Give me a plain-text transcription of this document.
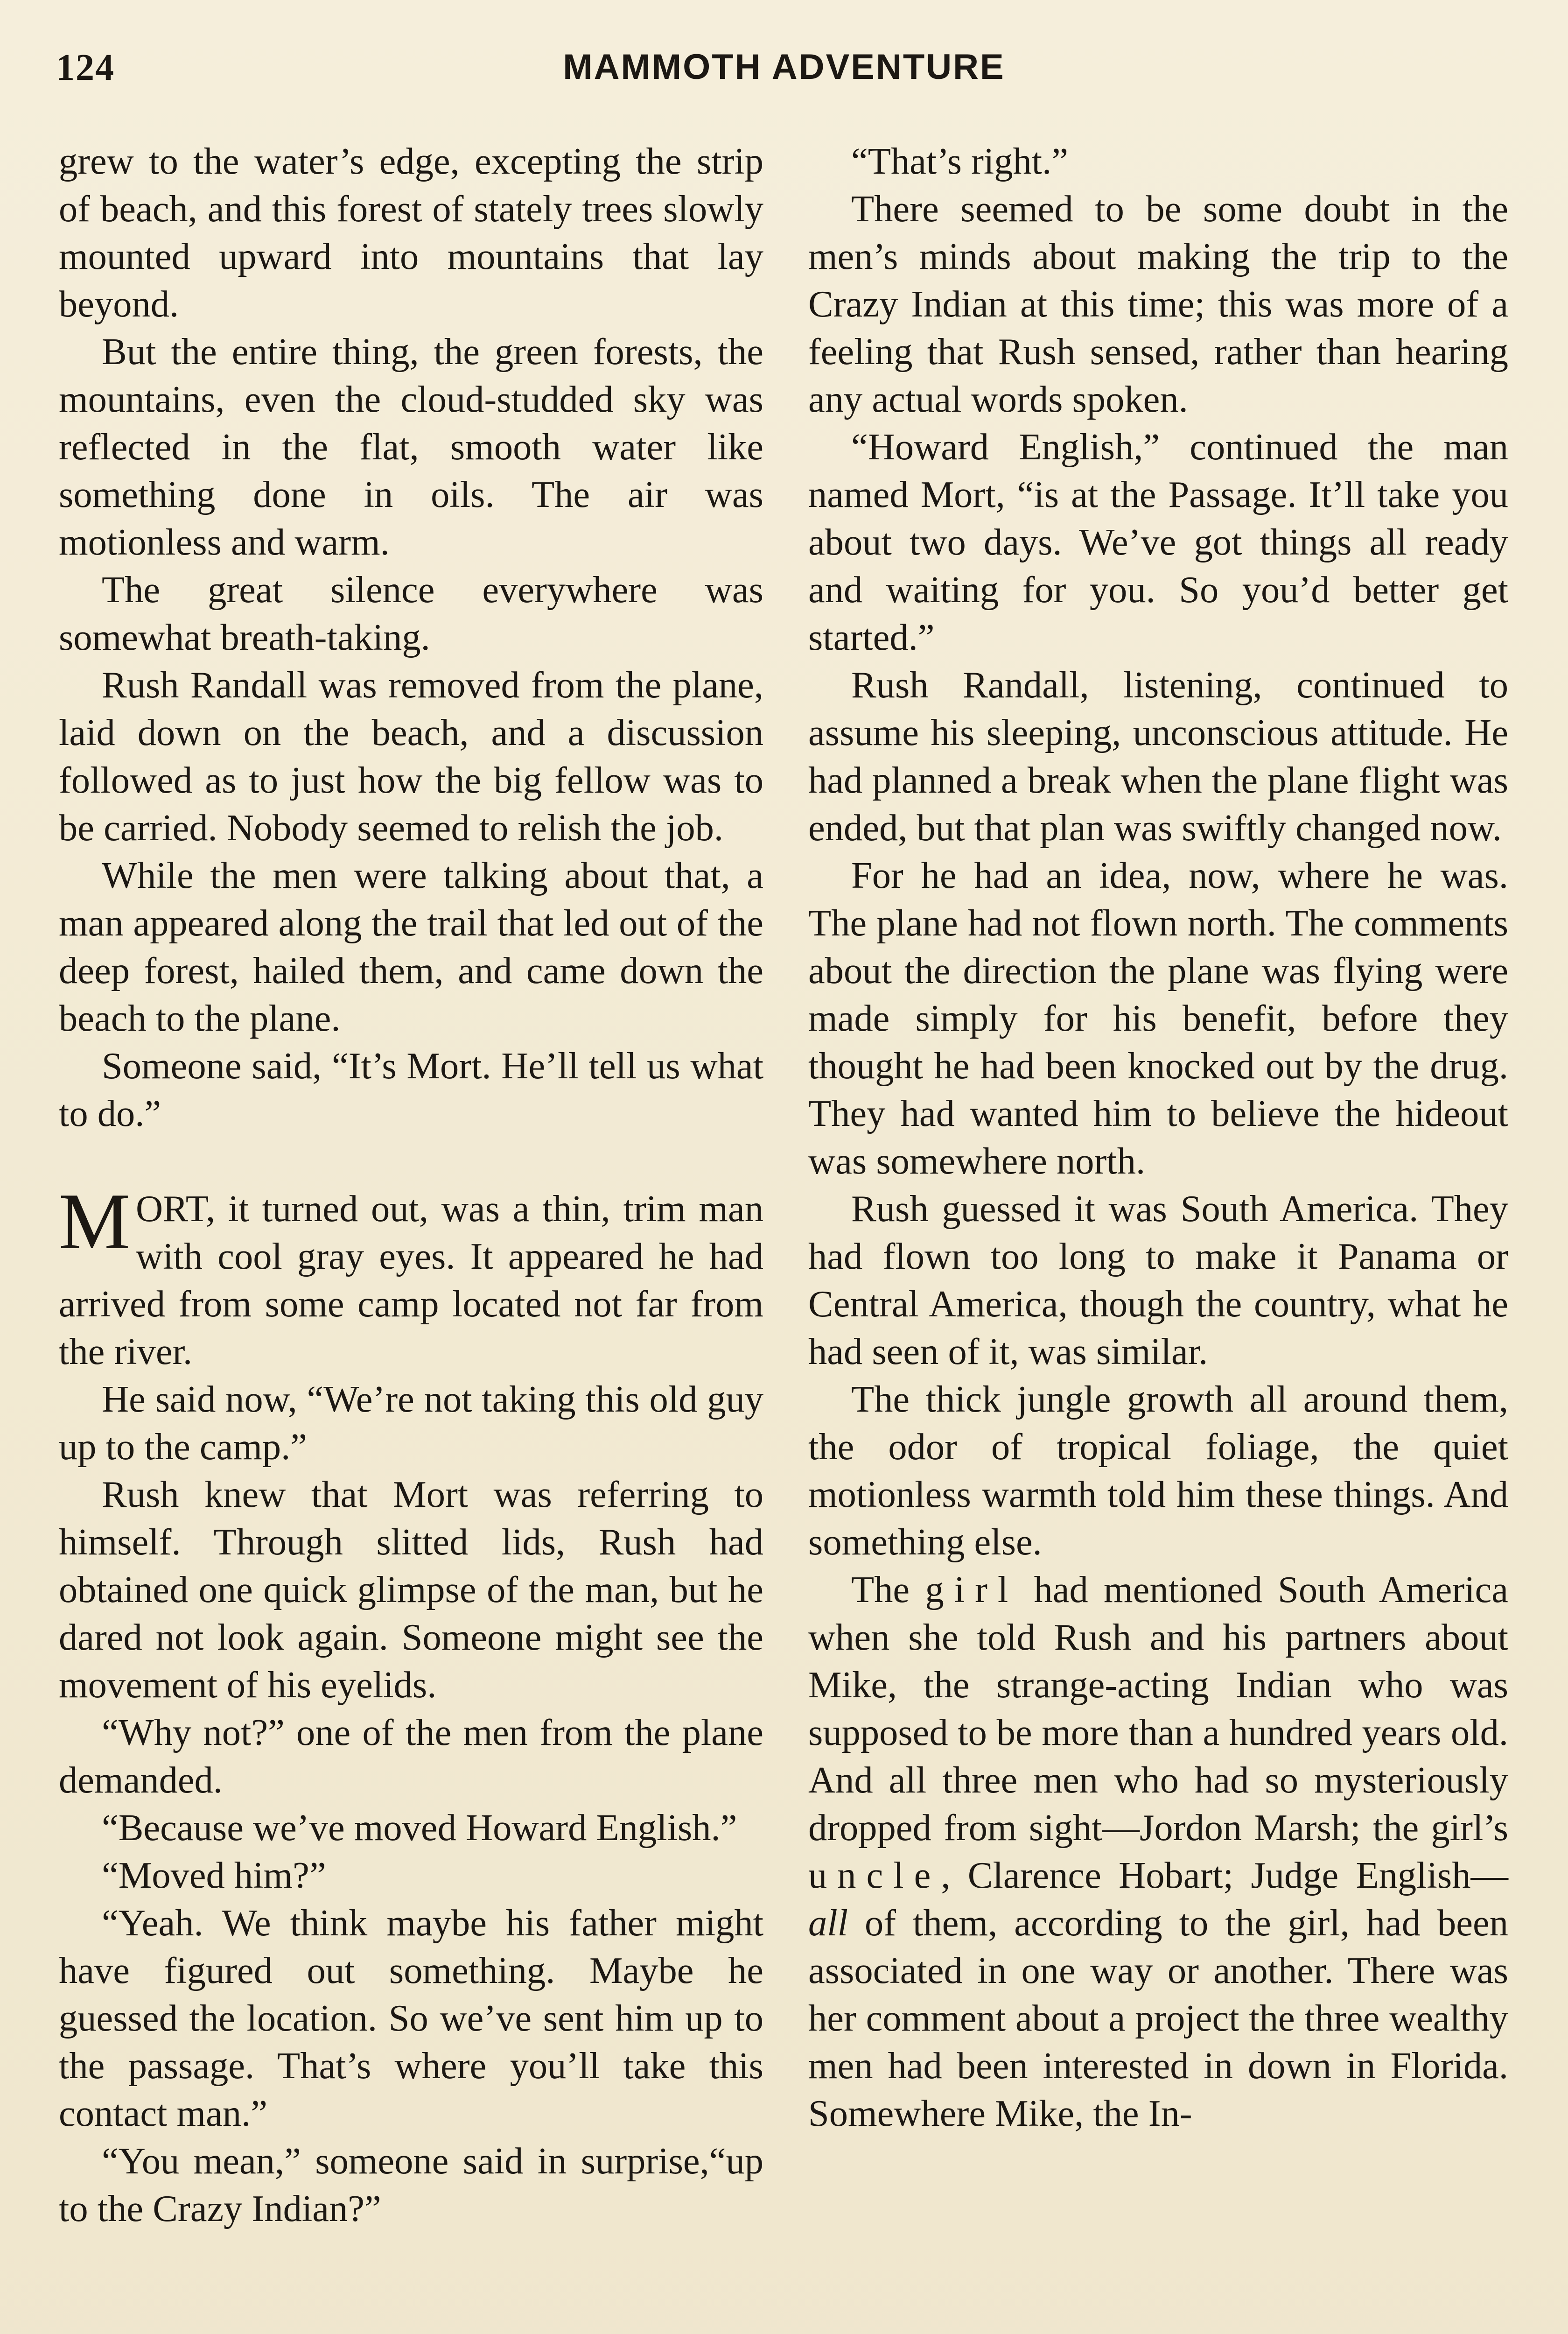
124	MAMMOTH ADVENTURE

grew to the water’s edge, excepting the strip of beach, and this forest of stately trees slowly mounted upward into mountains that lay beyond.

But the entire thing, the green forests, the mountains, even the cloud-studded sky was reflected in the flat, smooth water like something done in oils. The air was motionless and warm.

The great silence everywhere was somewhat breath-taking.

Rush Randall was removed from the plane, laid down on the beach, and a discussion followed as to just how the big fellow was to be carried. Nobody seemed to relish the job.

While the men were talking about that, a man appeared along the trail that led out of the deep forest, hailed them, and came down the beach to the plane.

Someone said, “It’s Mort. He’ll tell us what to do.”

MORT, it turned out, was a thin, trim man with cool gray eyes. It appeared he had arrived from some camp located not far from the river.

He said now, “We’re not taking this old guy up to the camp.”

Rush knew that Mort was referring to himself. Through slitted lids, Rush had obtained one quick glimpse of the man, but he dared not look again. Someone might see the movement of his eyelids.

“Why not?” one of the men from the plane demanded.

“Because we’ve moved Howard English.”

“Moved him?”

“Yeah. We think maybe his father might have figured out something. Maybe he guessed the location. So we’ve sent him up to the passage. That’s where you’ll take this contact man.”

“You mean,” someone said in surprise,“up to the Crazy Indian?”

“That’s right.”

There seemed to be some doubt in the men’s minds about making the trip to the Crazy Indian at this time; this was more of a feeling that Rush sensed, rather than hearing any actual words spoken.

“Howard English,” continued the man named Mort, “is at the Passage. It’ll take you about two days. We’ve got things all ready and waiting for you. So you’d better get started.”

Rush Randall, listening, continued to assume his sleeping, unconscious attitude. He had planned a break when the plane flight was ended, but that plan was swiftly changed now.

For he had an idea, now, where he was. The plane had not flown north. The comments about the direction the plane was flying were made simply for his benefit, before they thought he had been knocked out by the drug. They had wanted him to believe the hideout was somewhere north.

Rush guessed it was South America. They had flown too long to make it Panama or Central America, though the country, what he had seen of it, was similar.

The thick jungle growth all around them, the odor of tropical foliage, the quiet motionless warmth told him these things. And something else.

The girl had mentioned South America when she told Rush and his partners about Mike, the strange-acting Indian who was supposed to be more than a hundred years old. And all three men who had so mysteriously dropped from sight—Jordon Marsh; the girl’s uncle, Clarence Hobart; Judge English—all of them, according to the girl, had been associated in one way or another. There was her comment about a project the three wealthy men had been interested in down in Florida. Somewhere Mike, the In-
